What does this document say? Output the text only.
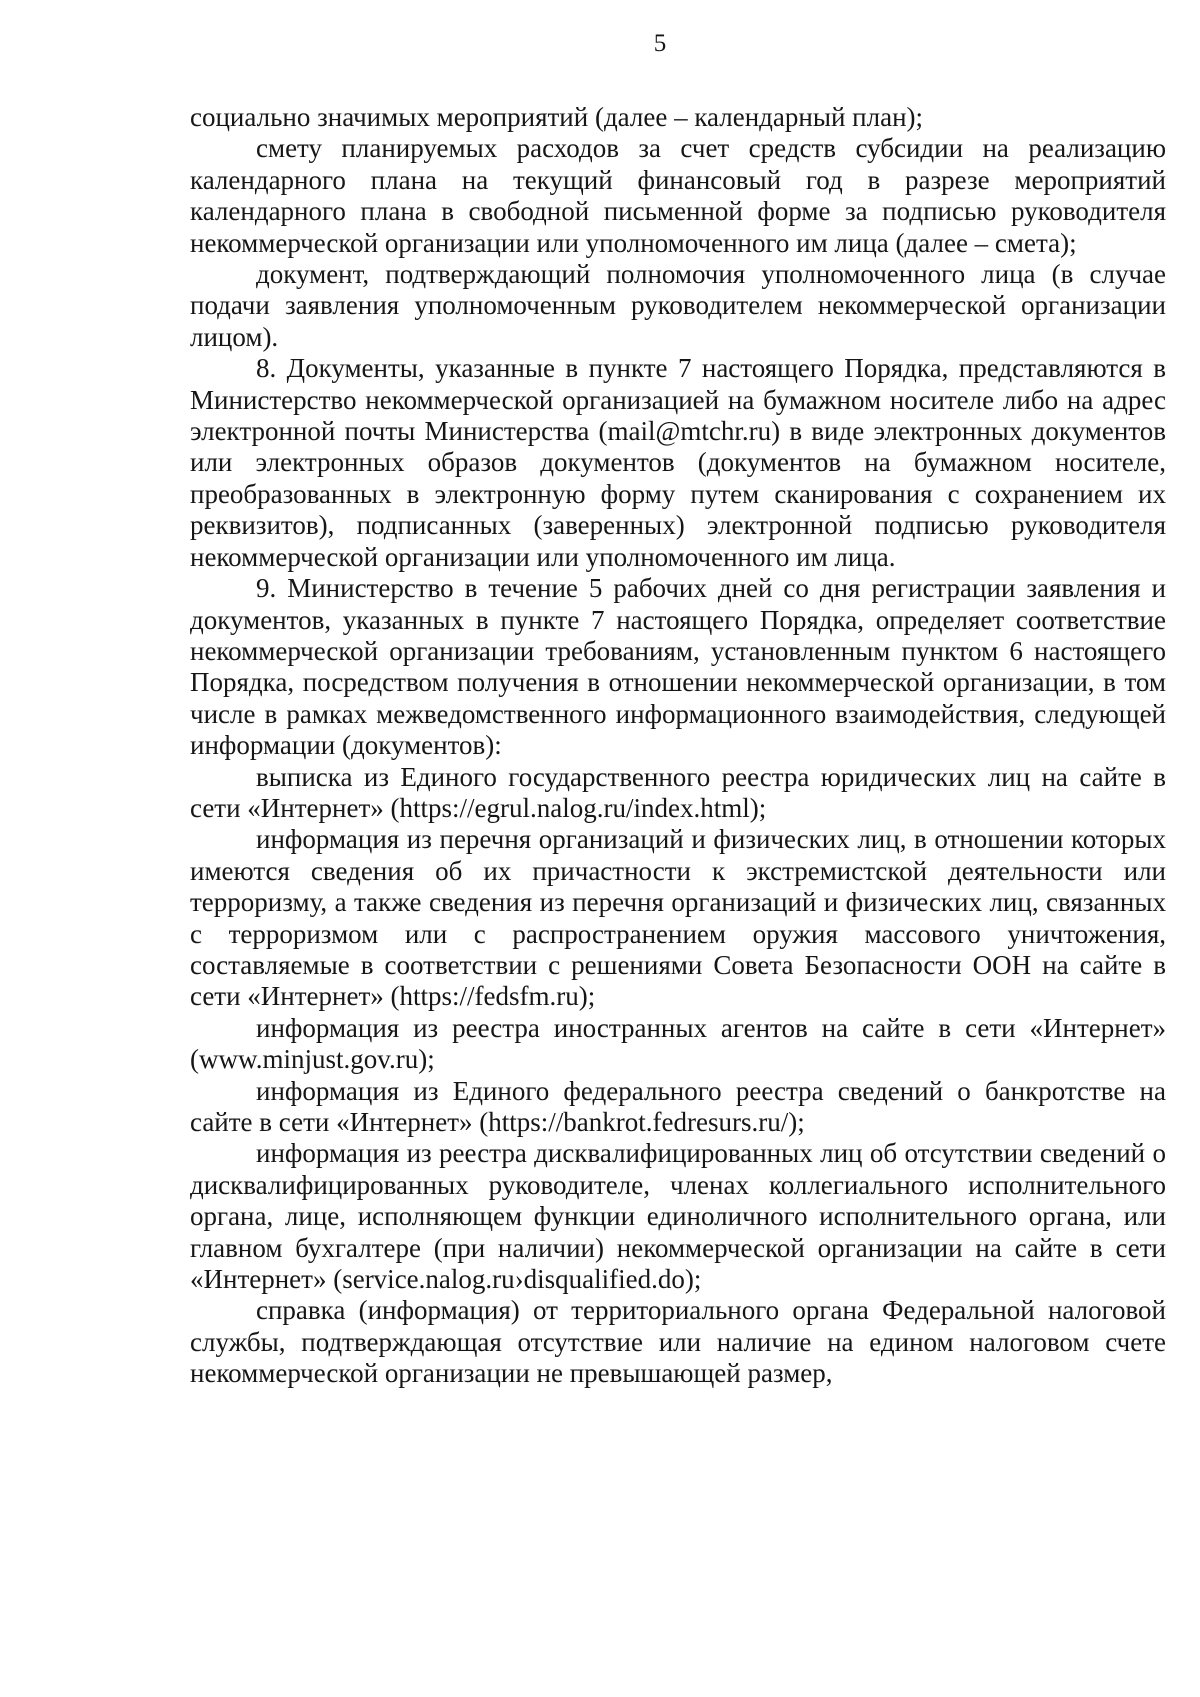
5

социально значимых мероприятий (далее – календарный план);

смету планируемых расходов за счет средств субсидии на реализацию календарного плана на текущий финансовый год в разрезе мероприятий календарного плана в свободной письменной форме за подписью руководителя некоммерческой организации или уполномоченного им лица (далее – смета);

документ, подтверждающий полномочия уполномоченного лица (в случае подачи заявления уполномоченным руководителем некоммерческой организации лицом).

8. Документы, указанные в пункте 7 настоящего Порядка, представляются в Министерство некоммерческой организацией на бумажном носителе либо на адрес электронной почты Министерства (mail@mtchr.ru) в виде электронных документов или электронных образов документов (документов на бумажном носителе, преобразованных в электронную форму путем сканирования с сохранением их реквизитов), подписанных (заверенных) электронной подписью руководителя некоммерческой организации или уполномоченного им лица.

9. Министерство в течение 5 рабочих дней со дня регистрации заявления и документов, указанных в пункте 7 настоящего Порядка, определяет соответствие некоммерческой организации требованиям, установленным пунктом 6 настоящего Порядка, посредством получения в отношении некоммерческой организации, в том числе в рамках межведомственного информационного взаимодействия, следующей информации (документов):

выписка из Единого государственного реестра юридических лиц на сайте в сети «Интернет» (https://egrul.nalog.ru/index.html);

информация из перечня организаций и физических лиц, в отношении которых имеются сведения об их причастности к экстремистской деятельности или терроризму, а также сведения из перечня организаций и физических лиц, связанных с терроризмом или с распространением оружия массового уничтожения, составляемые в соответствии с решениями Совета Безопасности ООН на сайте в сети «Интернет» (https://fedsfm.ru);

информация из реестра иностранных агентов на сайте в сети «Интернет» (www.minjust.gov.ru);

информация из Единого федерального реестра сведений о банкротстве на сайте в сети «Интернет» (https://bankrot.fedresurs.ru/);

информация из реестра дисквалифицированных лиц об отсутствии сведений о дисквалифицированных руководителе, членах коллегиального исполнительного органа, лице, исполняющем функции единоличного исполнительного органа, или главном бухгалтере (при наличии) некоммерческой организации на сайте в сети «Интернет» (service.nalog.ru›disqualified.do);

справка (информация) от территориального органа Федеральной налоговой службы, подтверждающая отсутствие или наличие на едином налоговом счете некоммерческой организации не превышающей размер,
